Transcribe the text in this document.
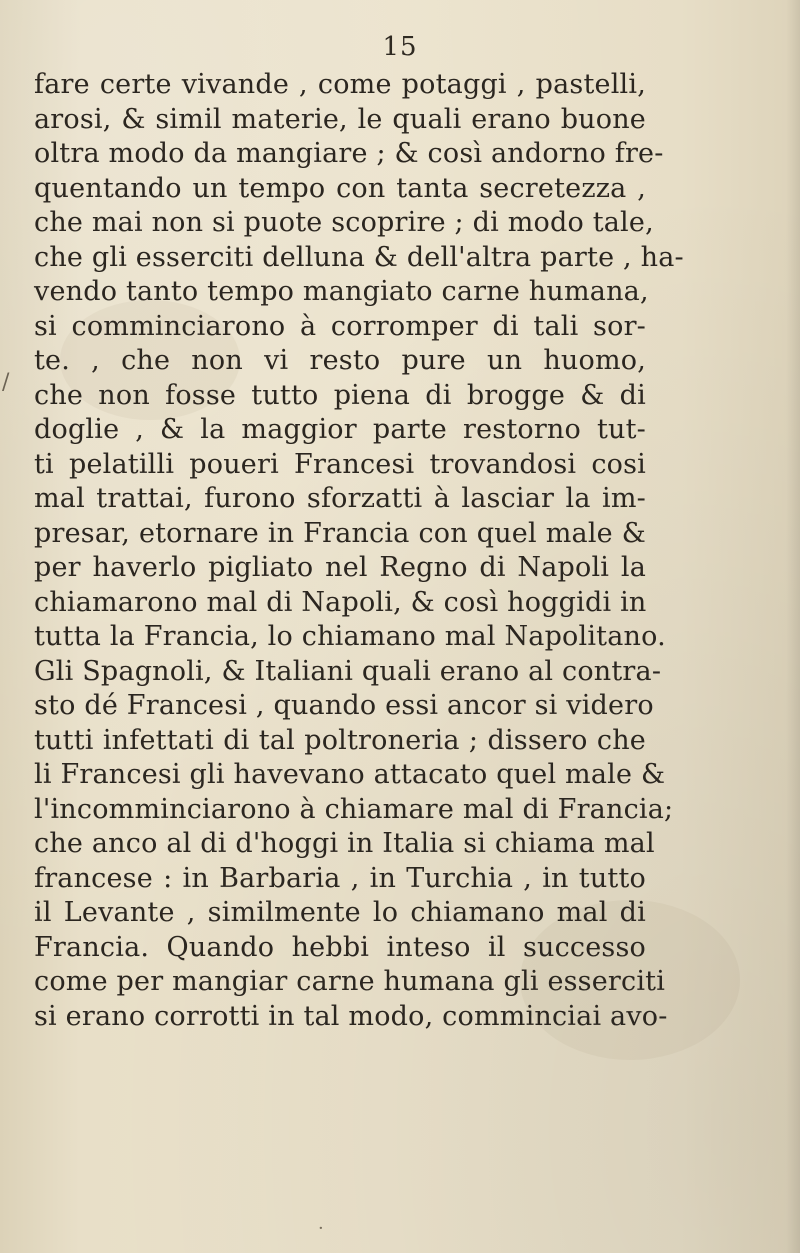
15
fare certe vivande , come potaggi , pastelli,
arosi, & simil materie, le quali erano buone
oltra modo da mangiare ; & così andorno fre-
quentando un tempo con tanta secretezza ,
che mai non si puote scoprire ; di modo tale,
che gli esserciti delluna & dell'altra parte , ha-
vendo tanto tempo mangiato carne humana,
si comminciarono à corromper di tali sor-
te. , che non vi resto pure un huomo,
che non fosse tutto piena di brogge & di
doglie , & la maggior parte restorno tut-
ti pelatilli poueri Francesi trovandosi cosi
mal trattai, furono sforzatti à lasciar la im-
presar, etornare in Francia con quel male &
per haverlo pigliato nel Regno di Napoli la
chiamarono mal di Napoli, & così hoggidi in
tutta la Francia, lo chiamano mal Napolitano.
Gli Spagnoli, & Italiani quali erano al contra-
sto dé Francesi , quando essi ancor si videro
tutti infettati di tal poltroneria ; dissero che
li Francesi gli havevano attacato quel male &
l'incomminciarono à chiamare mal di Francia;
che anco al di d'hoggi in Italia si chiama mal
francese : in Barbaria , in Turchia , in tutto
il Levante , similmente lo chiamano mal di
Francia. Quando hebbi inteso il successo
come per mangiar carne humana gli esserciti
si erano corrotti in tal modo, comminciai avo-
/
·
